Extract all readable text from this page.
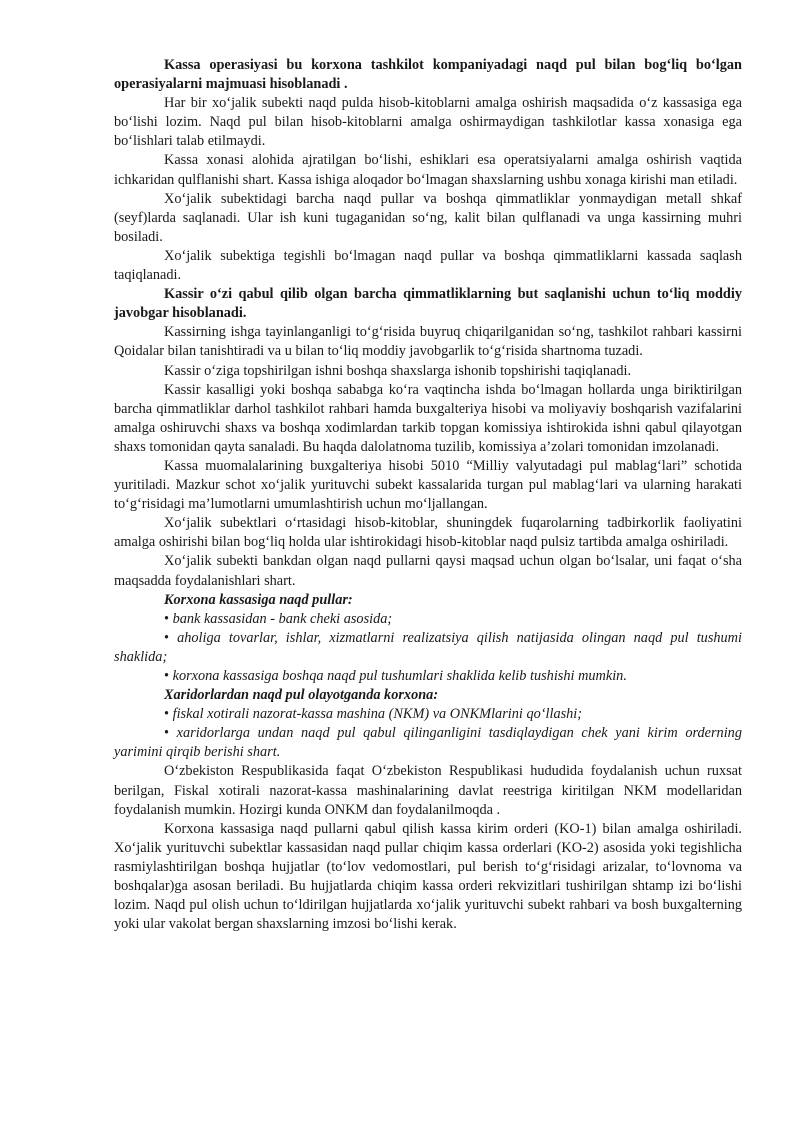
Kassa operasiyasi bu korxona tashkilot kompaniyadagi naqd pul bilan bog‘liq bo‘lgan operasiyalarni majmuasi hisoblanadi .

Har bir xo‘jalik subekti naqd pulda hisob-kitoblarni amalga oshirish maqsadida o‘z kassasiga ega bo‘lishi lozim. Naqd pul bilan hisob-kitoblarni amalga oshirmaydigan tashkilotlar kassa xonasiga ega bo‘lishlari talab etilmaydi.

Kassa xonasi alohida ajratilgan bo‘lishi, eshiklari esa operatsiyalarni amalga oshirish vaqtida ichkaridan qulflanishi shart. Kassa ishiga aloqador bo‘lmagan shaxslarning ushbu xonaga kirishi man etiladi.

Xo‘jalik subektidagi barcha naqd pullar va boshqa qimmatliklar yonmaydigan metall shkaf (seyf)larda saqlanadi. Ular ish kuni tugaganidan so‘ng, kalit bilan qulflanadi va unga kassirning muhri bosiladi.

Xo‘jalik subektiga tegishli bo‘lmagan naqd pullar va boshqa qimmatliklarni kassada saqlash taqiqlanadi.

Kassir o‘zi qabul qilib olgan barcha qimmatliklarning but saqlanishi uchun to‘liq moddiy javobgar hisoblanadi.

Kassirning ishga tayinlanganligi to‘g‘risida buyruq chiqarilganidan so‘ng, tashkilot rahbari kassirni Qoidalar bilan tanishtiradi va u bilan to‘liq moddiy javobgarlik to‘g‘risida shartnoma tuzadi.

Kassir o‘ziga topshirilgan ishni boshqa shaxslarga ishonib topshirishi taqiqlanadi.

Kassir kasalligi yoki boshqa sababga ko‘ra vaqtincha ishda bo‘lmagan hollarda unga biriktirilgan barcha qimmatliklar darhol tashkilot rahbari hamda buxgalteriya hisobi va moliyaviy boshqarish vazifalarini amalga oshiruvchi shaxs va boshqa xodimlardan tarkib topgan komissiya ishtirokida ishni qabul qilayotgan shaxs tomonidan qayta sanaladi. Bu haqda dalolatnoma tuzilib, komissiya a’zolari tomonidan imzolanadi.

Kassa muomalalarining buxgalteriya hisobi 5010 “Milliy valyutadagi pul mablag‘lari” schotida yuritiladi. Mazkur schot xo‘jalik yurituvchi subekt kassalarida turgan pul mablag‘lari va ularning harakati to‘g‘risidagi ma’lumotlarni umumlashtirish uchun mo‘ljallangan.

Xo‘jalik subektlari o‘rtasidagi hisob-kitoblar, shuningdek fuqarolarning tadbirkorlik faoliyatini amalga oshirishi bilan bog‘liq holda ular ishtirokidagi hisob-kitoblar naqd pulsiz tartibda amalga oshiriladi.

Xo‘jalik subekti bankdan olgan naqd pullarni qaysi maqsad uchun olgan bo‘lsalar, uni faqat o‘sha maqsadda foydalanishlari shart.

Korxona kassasiga naqd pullar:

• bank kassasidan - bank cheki asosida;

• aholiga tovarlar, ishlar, xizmatlarni realizatsiya qilish natijasida olingan naqd pul tushumi shaklida;

• korxona kassasiga boshqa naqd pul tushumlari shaklida kelib tushishi mumkin.

Xaridorlardan naqd pul olayotganda korxona:

• fiskal xotirali nazorat-kassa mashina (NKM) va ONKMlarini qo‘llashi;

• xaridorlarga undan naqd pul qabul qilinganligini tasdiqlaydigan chek yani kirim orderning yarimini qirqib berishi shart.

O‘zbekiston Respublikasida faqat O‘zbekiston Respublikasi hududida foydalanish uchun ruxsat berilgan, Fiskal xotirali nazorat-kassa mashinalarining davlat reestriga kiritilgan NKM modellaridan foydalanish mumkin. Hozirgi kunda ONKM dan foydalanilmoqda .

Korxona kassasiga naqd pullarni qabul qilish kassa kirim orderi (KO-1) bilan amalga oshiriladi. Xo‘jalik yurituvchi subektlar kassasidan naqd pullar chiqim kassa orderlari (KO-2) asosida yoki tegishlicha rasmiylashtirilgan boshqa hujjatlar (to‘lov vedomostlari, pul berish to‘g‘risidagi arizalar, to‘lovnoma va boshqalar)ga asosan beriladi. Bu hujjatlarda chiqim kassa orderi rekvizitlari tushirilgan shtamp izi bo‘lishi lozim. Naqd pul olish uchun to‘ldirilgan hujjatlarda xo‘jalik yurituvchi subekt rahbari va bosh buxgalterning yoki ular vakolat bergan shaxslarning imzosi bo‘lishi kerak.
